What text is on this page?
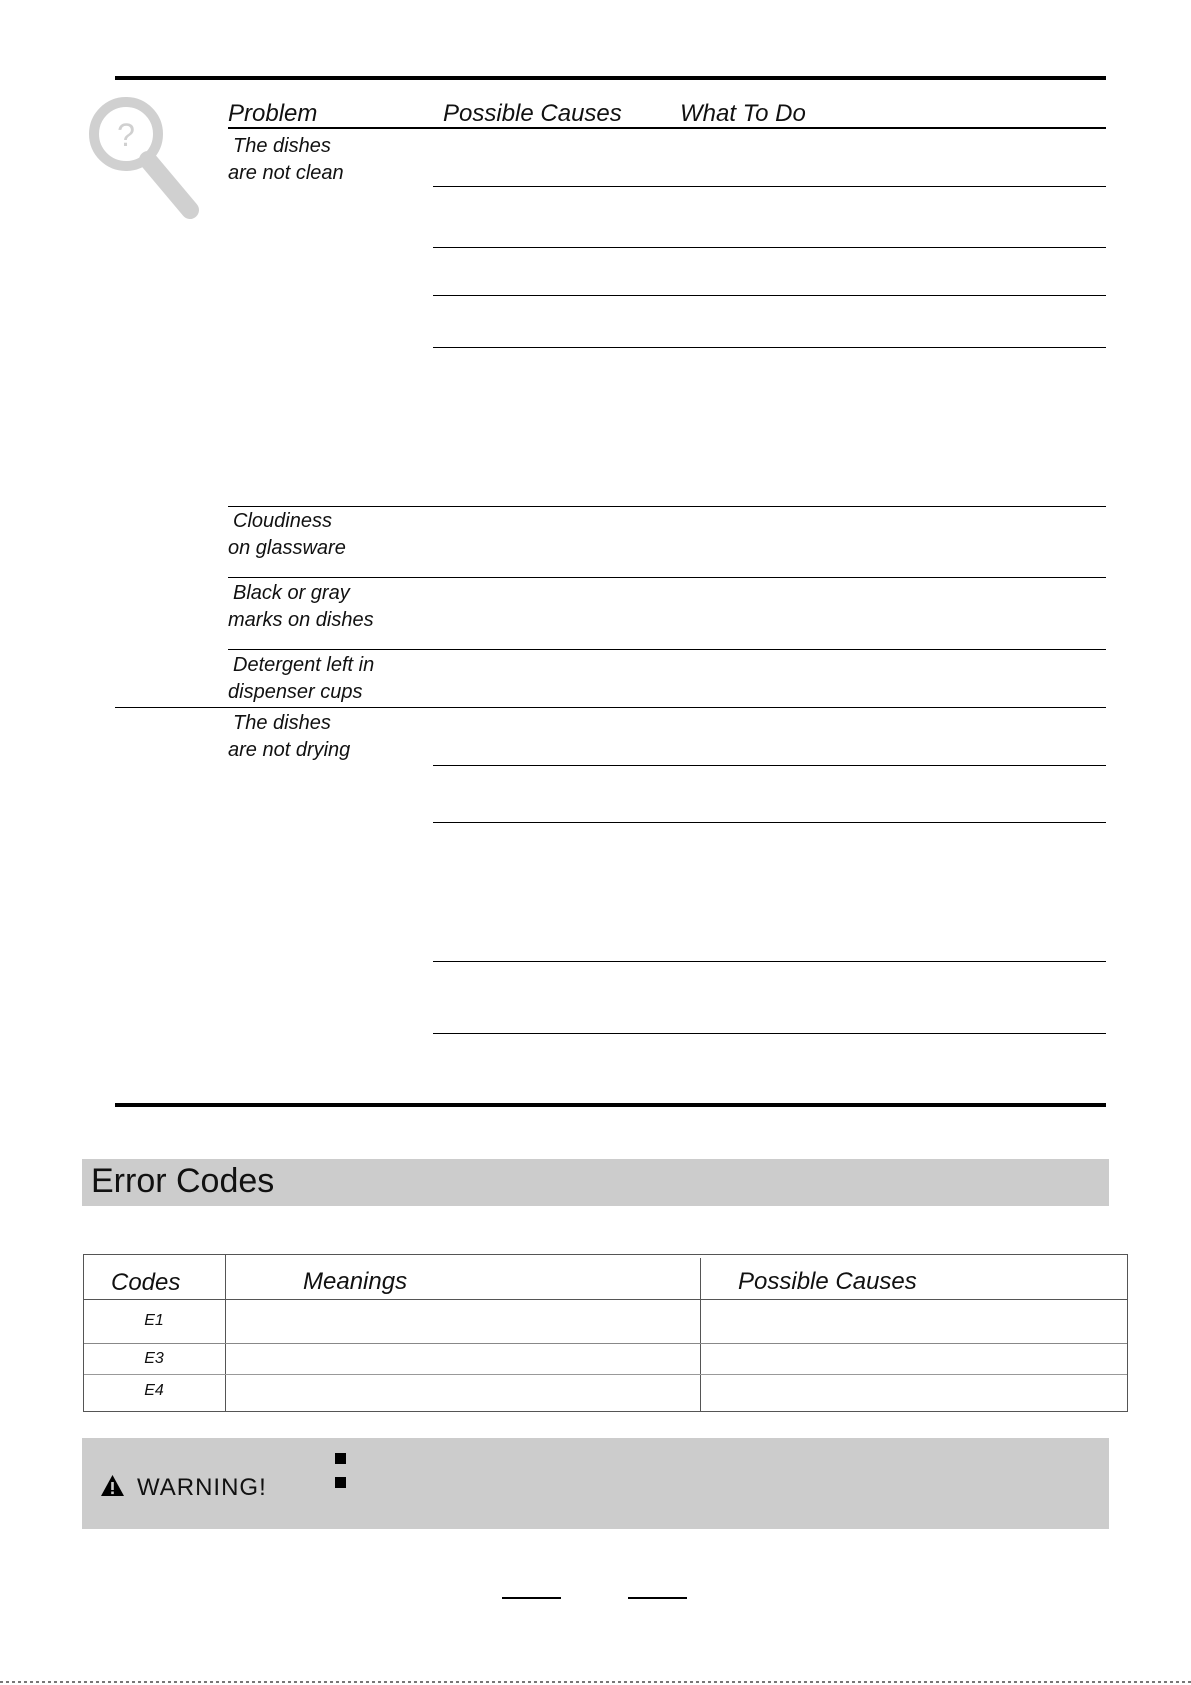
?
Problem	Possible Causes What To Do
The dishes
are not clean
Cloudiness
on glassware
Black or gray
marks on dishes
Detergent left in
dispenser cups
The dishes
are not drying
Error Codes
Codes	Meanings	Possible Causes
E1
E3
E4
WARNING!
